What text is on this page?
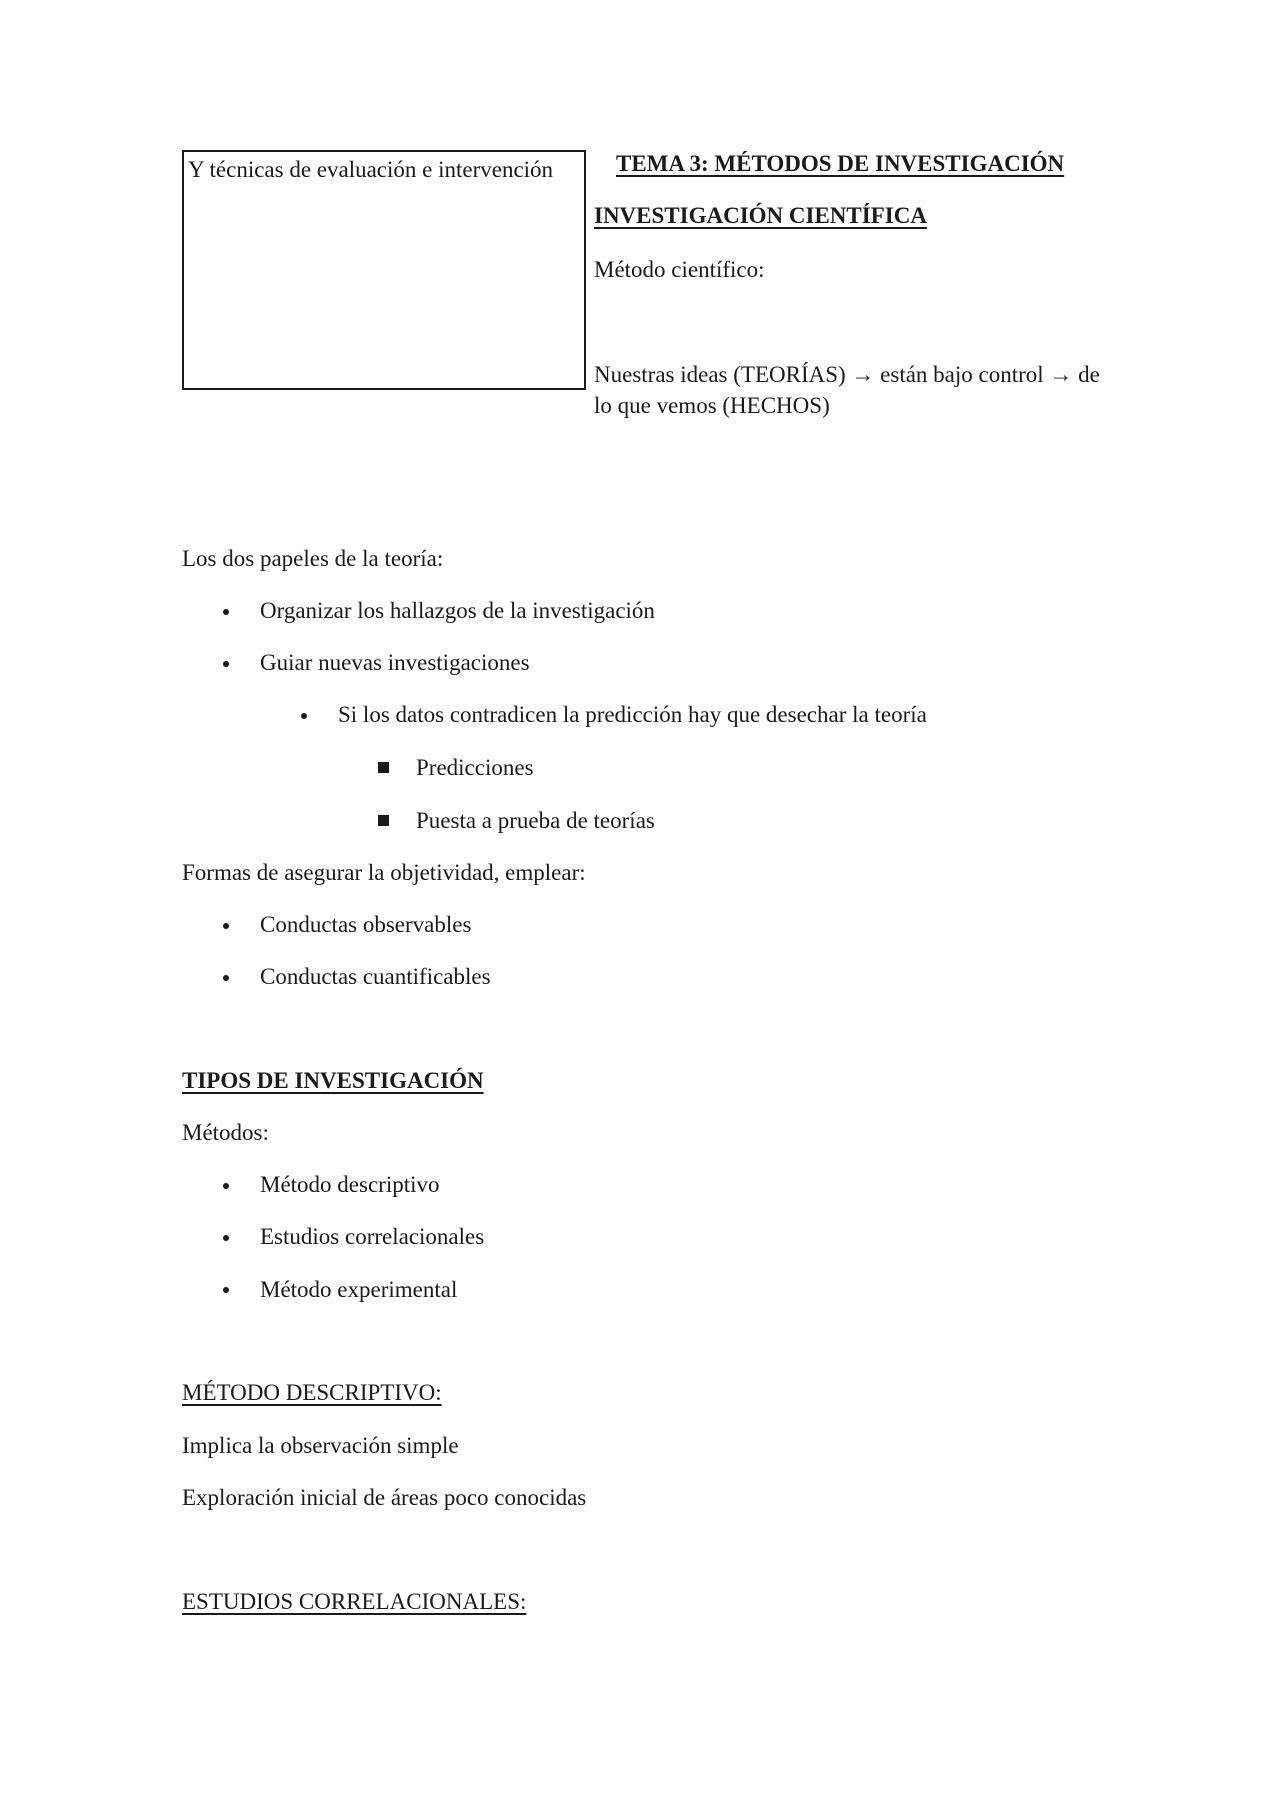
Y técnicas de evaluación e intervención	TEMA 3: MÉTODOS DE INVESTIGACIÓN
INVESTIGACIÓN CIENTÍFICA
Método científico:
Nuestras ideas (TEORÍAS) → están bajo control → de lo que vemos (HECHOS)
Los dos papeles de la teoría:
Organizar los hallazgos de la investigación
Guiar nuevas investigaciones
Si los datos contradicen la predicción hay que desechar la teoría
Predicciones
Puesta a prueba de teorías
Formas de asegurar la objetividad, emplear:
Conductas observables
Conductas cuantificables
TIPOS DE INVESTIGACIÓN
Métodos:
Método descriptivo
Estudios correlacionales
Método experimental
MÉTODO DESCRIPTIVO:
Implica la observación simple
Exploración inicial de áreas poco conocidas
ESTUDIOS CORRELACIONALES:
